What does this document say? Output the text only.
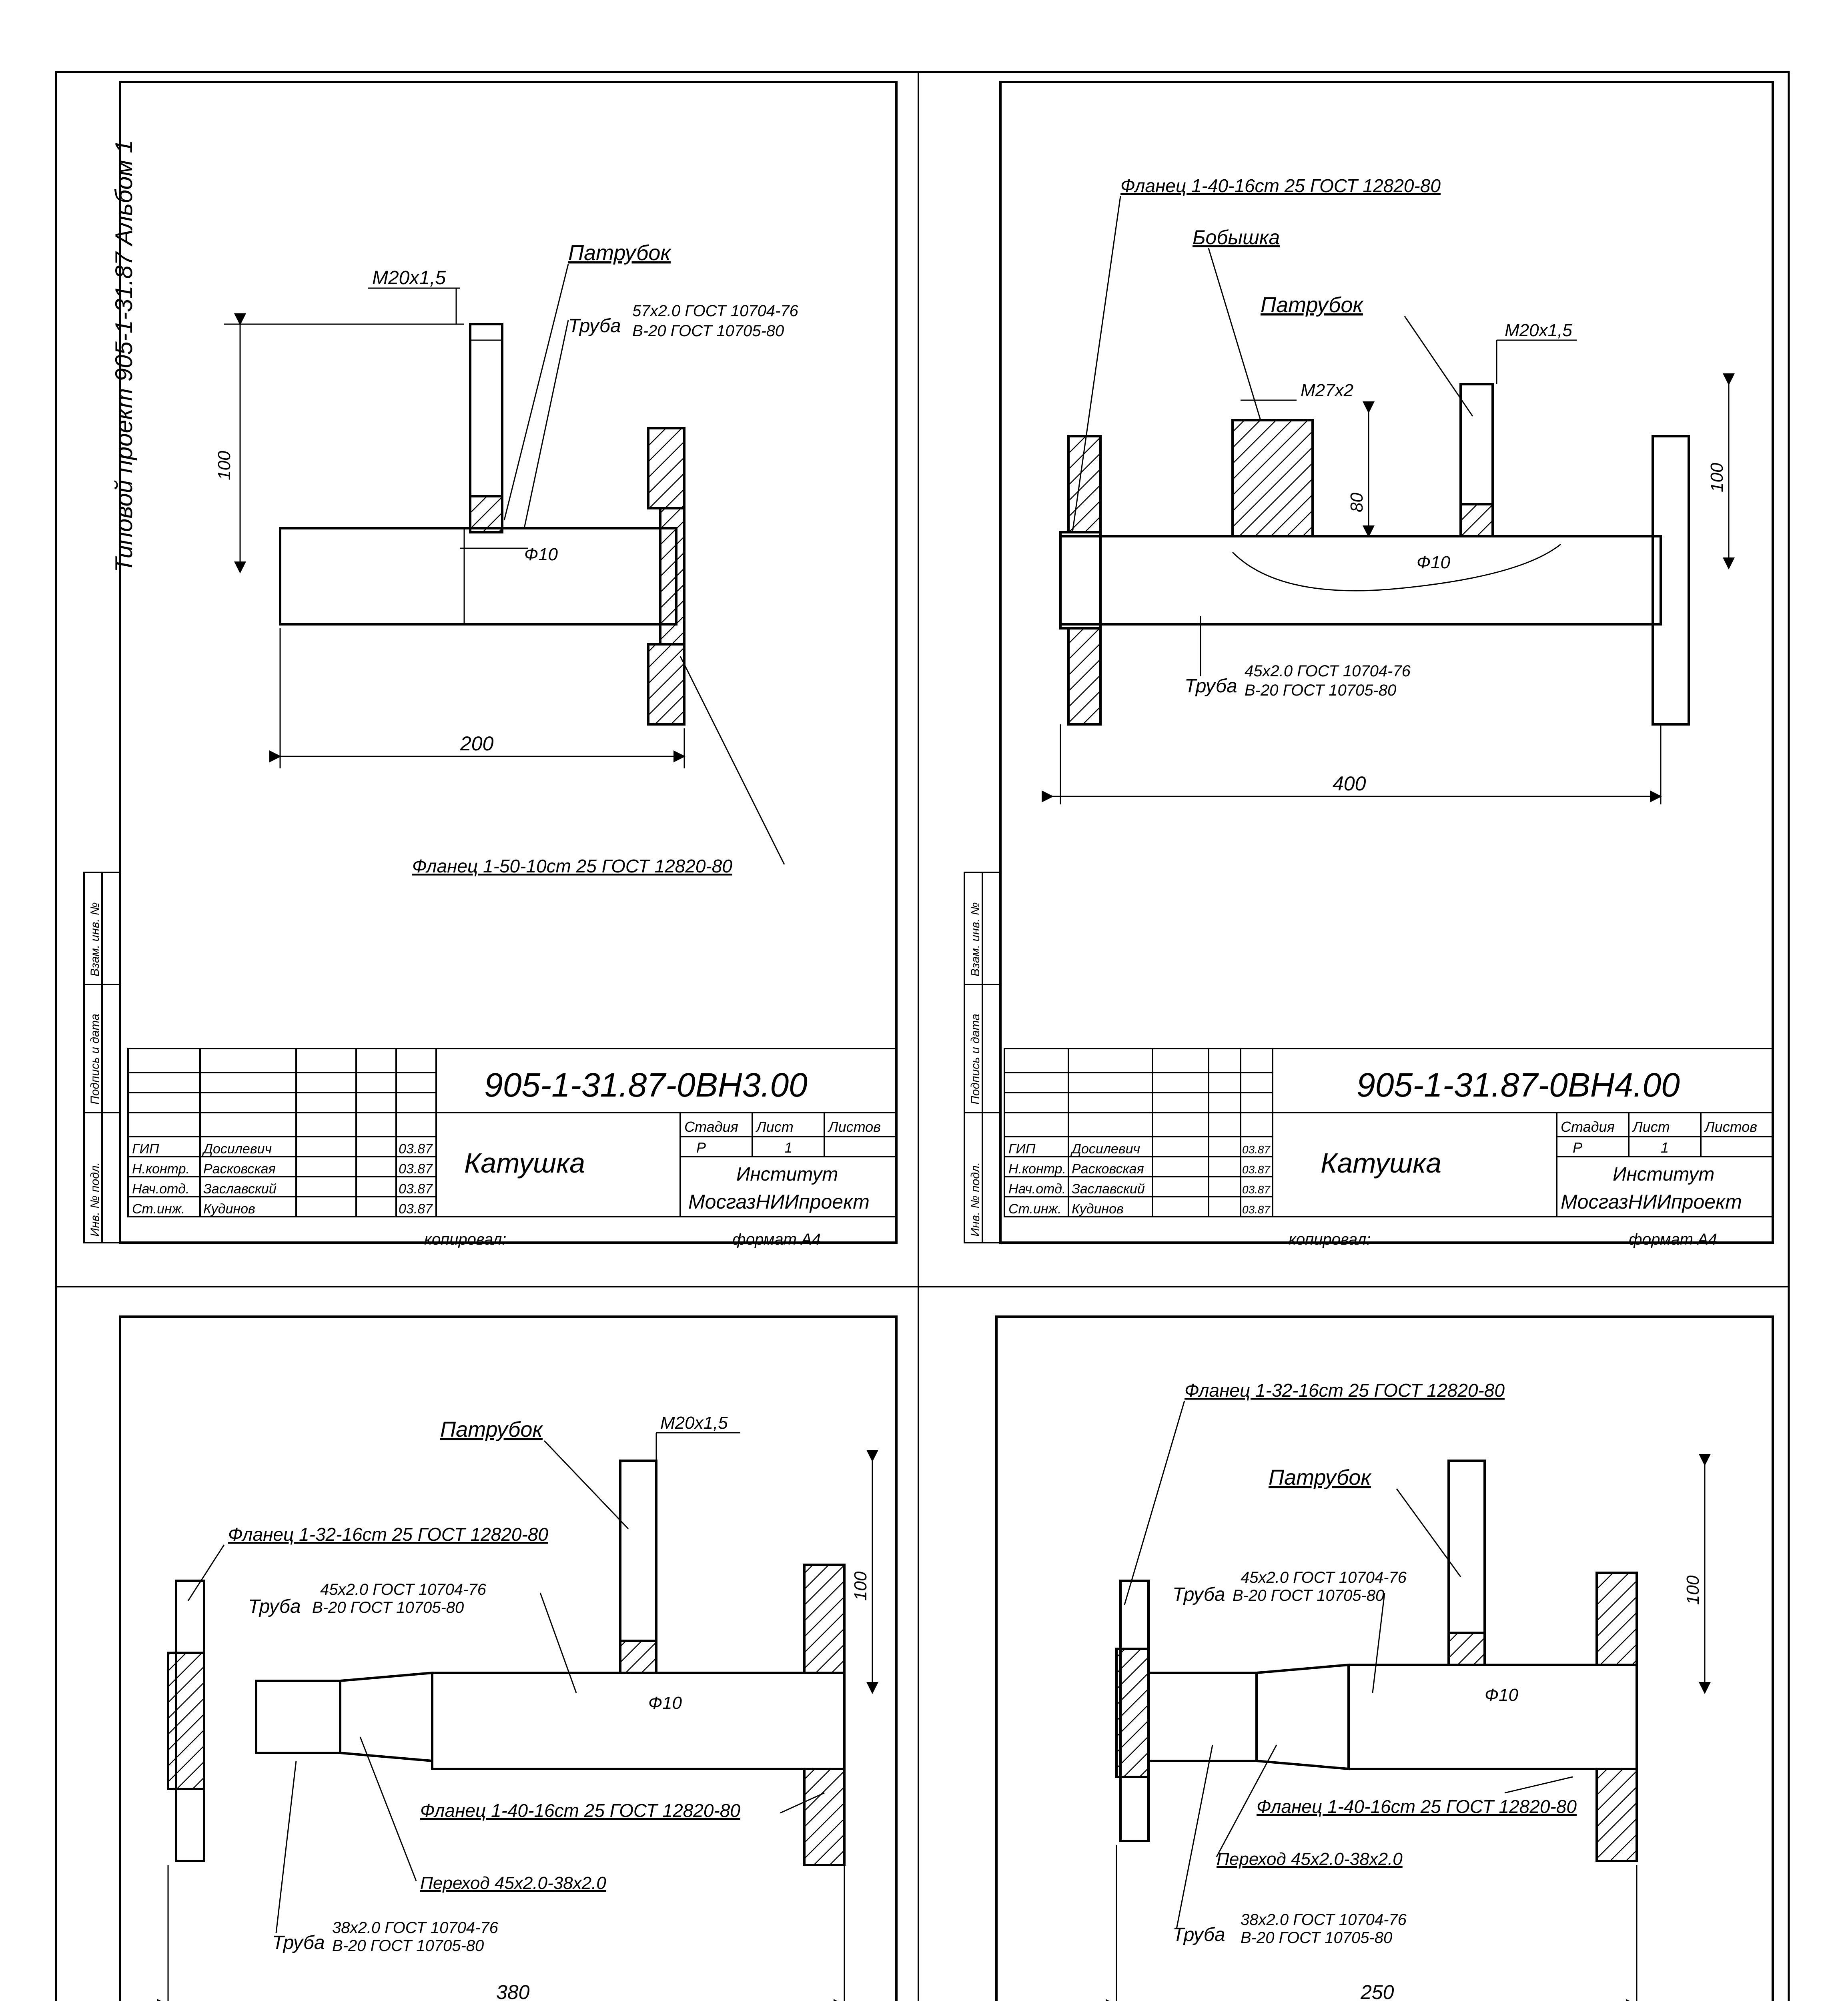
Типовой проект 905-1-31.87 Альбом 1
Инв. № подл.
Подпись и дата
Взам. инв. №
М20х1,5
Патрубок
Труба
57х2.0 ГОСТ 10704-76
В-20 ГОСТ 10705-80
100
Ф10
200
Фланец 1-50-10ст 25 ГОСТ 12820-80
905-1-31.87-0ВН3.00
Катушка
Стадия Лист Листов
Р	1
Институт
МосгазНИИпроект
ГИП	Досилевич	03.87
Н.контр. Расковская	03.87
Нач.отд. Заславский	03.87
Ст.инж. Кудинов	03.87
копировал:	формат А4
Инв. № подл.
Подпись и дата
Взам. инв. №
Фланец 1-40-16ст 25 ГОСТ 12820-80
Бобышка
Патрубок
М20х1,5
М27х2
80
100
Ф10
Труба
45х2.0 ГОСТ 10704-76
В-20 ГОСТ 10705-80
400
905-1-31.87-0ВН4.00
Катушка
Стадия Лист Листов
Р	1
Институт
МосгазНИИпроект
ГИП	Досилевич	03.87
Н.контр. Расковская	03.87
Нач.отд. Заславский	03.87
Ст.инж. Кудинов	03.87
копировал:	формат А4
М20х1,5
Патрубок
Фланец 1-32-16ст 25 ГОСТ 12820-80
Труба
45х2.0 ГОСТ 10704-76
В-20 ГОСТ 10705-80
100
Ф10
Фланец 1-40-16ст 25 ГОСТ 12820-80
Переход 45х2.0-38х2.0
Труба
38х2.0 ГОСТ 10704-76
В-20 ГОСТ 10705-80
380
Фланец 1-32-16ст 25 ГОСТ 12820-80
Патрубок
Труба
45х2.0 ГОСТ 10704-76
В-20 ГОСТ 10705-80	100
Ф10
Фланец 1-40-16ст 25 ГОСТ 12820-80
Переход 45х2.0-38х2.0
Труба
38х2.0 ГОСТ 10704-76
В-20 ГОСТ 10705-80
250
